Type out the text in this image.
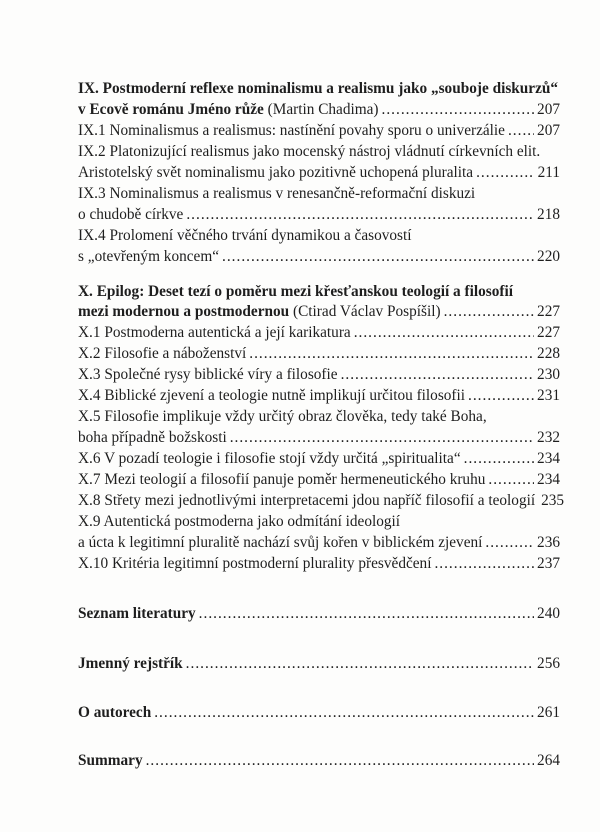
IX. Postmoderní reflexe nominalismu a realismu jako „souboje diskurzů“
v Ecově románu Jméno růže (Martin Chadima) .....	207
IX.1 Nominalismus a realismus: nastínění povahy sporu o univerzálie ..... 207
IX.2 Platonizující realismus jako mocenský nástroj vládnutí církevních elit.
Aristotelský svět nominalismu jako pozitivně uchopená pluralita .....	211
IX.3 Nominalismus a realismus v renesančně-reformační diskuzi
o chudobě církve .....	218
IX.4 Prolomení věčného trvání dynamikou a časovostí
s „otevřeným koncem“ .....	220
X. Epilog: Deset tezí o poměru mezi křesťanskou teologií a filosofií
mezi modernou a postmodernou (Ctirad Václav Pospíšil) .....	227
X.1 Postmoderna autentická a její karikatura .....	227
X.2 Filosofie a náboženství .....	228
X.3 Společné rysy biblické víry a filosofie .....	230
X.4 Biblické zjevení a teologie nutně implikují určitou filosofii .....	231
X.5 Filosofie implikuje vždy určitý obraz člověka, tedy také Boha,
boha případně božskosti .....	232
X.6 V pozadí teologie i filosofie stojí vždy určitá „spiritualita“ .....	234
X.7 Mezi teologií a filosofií panuje poměr hermeneutického kruhu .....	234
X.8 Střety mezi jednotlivými interpretacemi jdou napříč filosofií a teologií 235
X.9 Autentická postmoderna jako odmítání ideologií
a úcta k legitimní pluralitě nachází svůj kořen v biblickém zjevení .....	236
X.10 Kritéria legitimní postmoderní plurality přesvědčení .....	237
Seznam literatury .....	240
Jmenný rejstřík .....	256
O autorech .....	261
Summary .....	264
